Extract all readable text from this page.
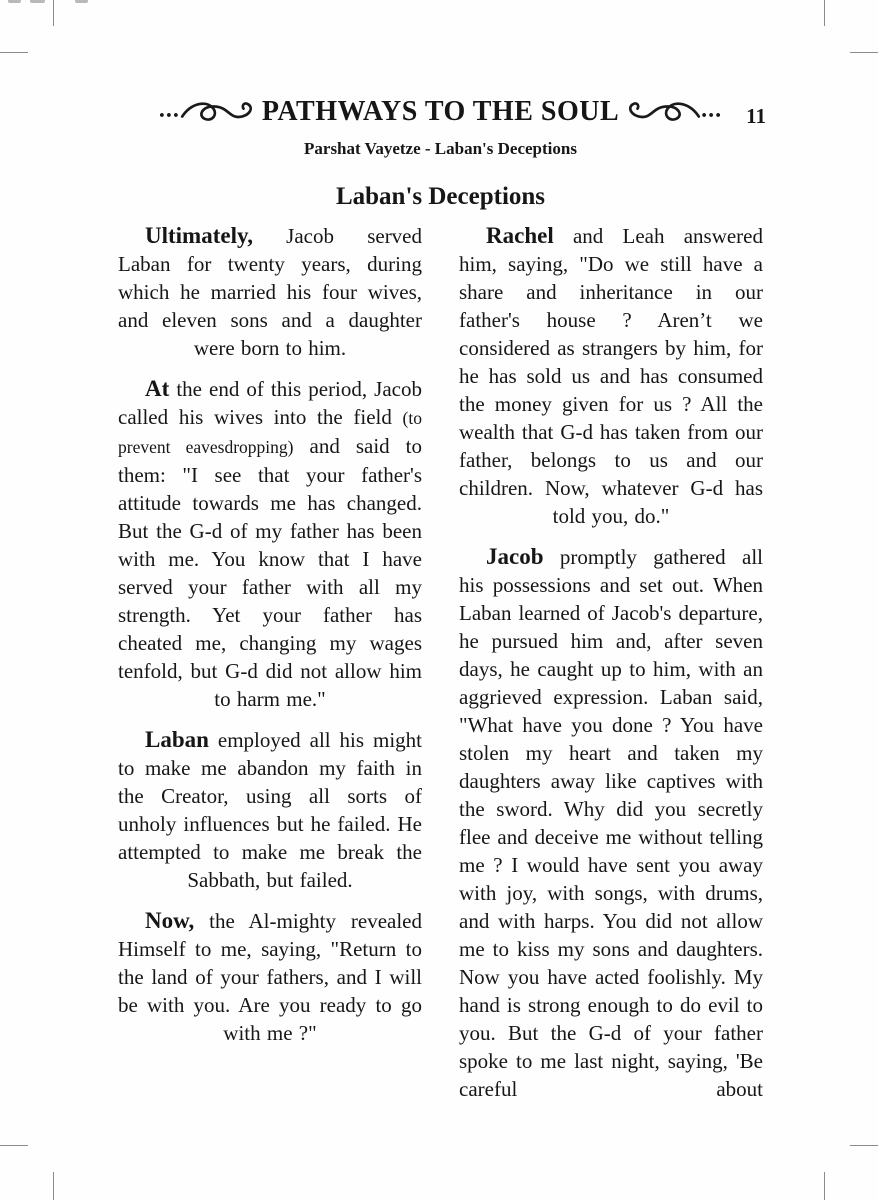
...	PATHWAYS TO THE SOUL	... 11
Parshat Vayetze - Laban's Deceptions
Laban's Deceptions

Ultimately, Jacob served Laban for twenty years, during which he married his four wives, and eleven sons and a daughter were born to him.

At the end of this period, Jacob called his wives into the field (to prevent eavesdropping) and said to them: "I see that your father's attitude towards me has changed. But the G-d of my father has been with me. You know that I have served your father with all my strength. Yet your father has cheated me, changing my wages tenfold, but G-d did not allow him to harm me."

Laban employed all his might to make me abandon my faith in the Creator, using all sorts of unholy influences but he failed. He attempted to make me break the Sabbath, but failed.

Now, the Al-mighty revealed Himself to me, saying, "Return to the land of your fathers, and I will be with you. Are you ready to go with me ?"

Rachel and Leah answered him, saying, "Do we still have a share and inheritance in our father's house ? Aren’t we considered as strangers by him, for he has sold us and has consumed the money given for us ? All the wealth that G-d has taken from our father, belongs to us and our children. Now, whatever G-d has told you, do."

Jacob promptly gathered all his possessions and set out. When Laban learned of Jacob's departure, he pursued him and, after seven days, he caught up to him, with an aggrieved expression. Laban said, "What have you done ? You have stolen my heart and taken my daughters away like captives with the sword. Why did you secretly flee and deceive me without telling me ? I would have sent you away with joy, with songs, with drums, and with harps. You did not allow me to kiss my sons and daughters. Now you have acted foolishly. My hand is strong enough to do evil to you. But the G-d of your father spoke to me last night, saying, 'Be careful about
